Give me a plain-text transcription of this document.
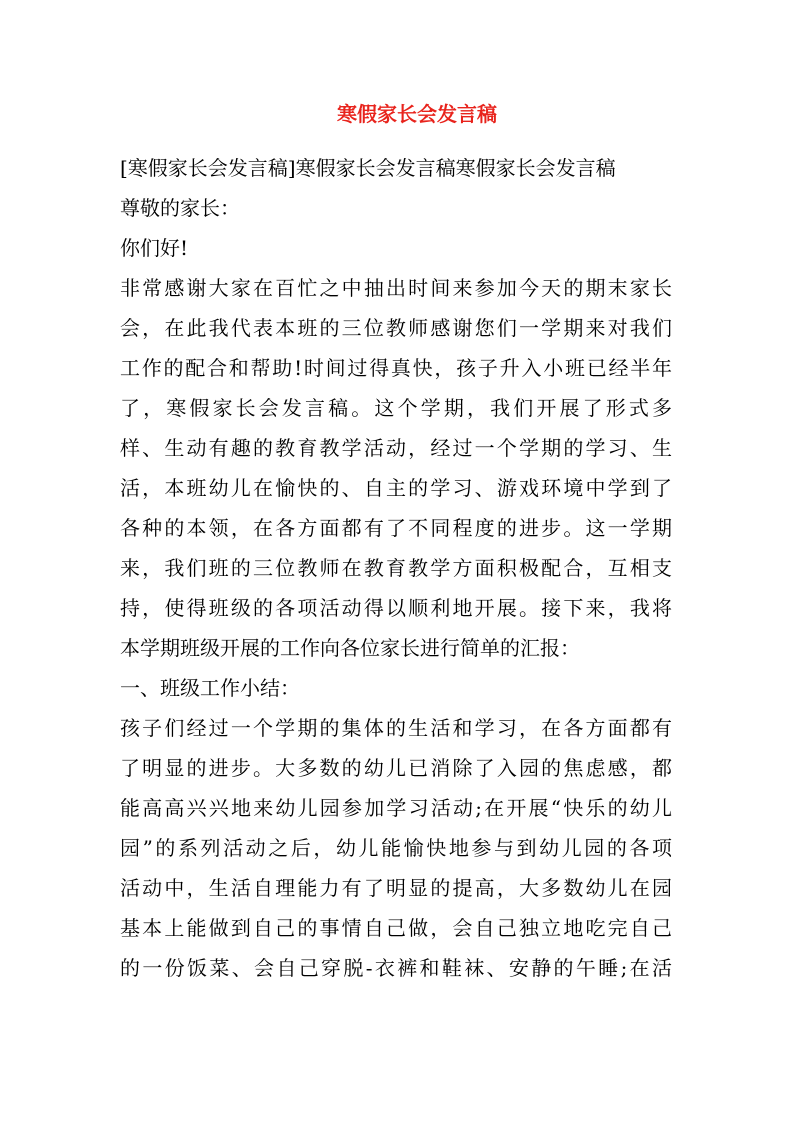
寒假家长会发言稿
[寒假家长会发言稿]寒假家长会发言稿寒假家长会发言稿
尊敬的家长：
你们好!
非常感谢大家在百忙之中抽出时间来参加今天的期末家长
会，在此我代表本班的三位教师感谢您们一学期来对我们
工作的配合和帮助!时间过得真快，孩子升入小班已经半年
了，寒假家长会发言稿。这个学期，我们开展了形式多
样、生动有趣的教育教学活动，经过一个学期的学习、生
活，本班幼儿在愉快的、自主的学习、游戏环境中学到了
各种的本领，在各方面都有了不同程度的进步。这一学期
来，我们班的三位教师在教育教学方面积极配合，互相支
持，使得班级的各项活动得以顺利地开展。接下来，我将
本学期班级开展的工作向各位家长进行简单的汇报：
一、班级工作小结：
孩子们经过一个学期的集体的生活和学习，在各方面都有
了明显的进步。大多数的幼儿已消除了入园的焦虑感，都
能高高兴兴地来幼儿园参加学习活动;在开展“快乐的幼儿
园”的系列活动之后，幼儿能愉快地参与到幼儿园的各项
活动中，生活自理能力有了明显的提高，大多数幼儿在园
基本上能做到自己的事情自己做，会自己独立地吃完自己
的一份饭菜、会自己穿脱-衣裤和鞋袜、安静的午睡;在活
